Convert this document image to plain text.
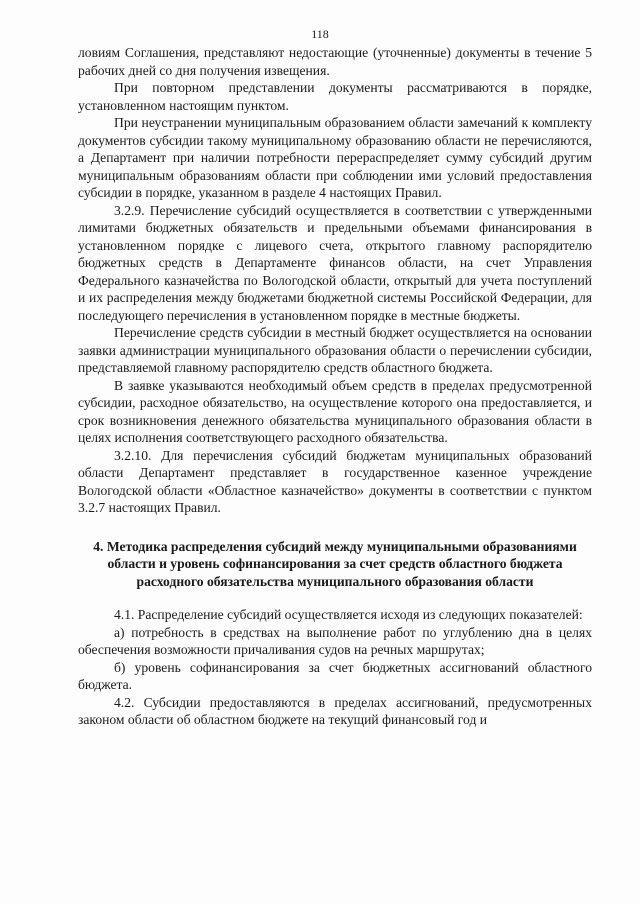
118

ловиям Соглашения, представляют недостающие (уточненные) документы в течение 5 рабочих дней со дня получения извещения.

При повторном представлении документы рассматриваются в порядке, установленном настоящим пунктом.

При неустранении муниципальным образованием области замечаний к комплекту документов субсидии такому муниципальному образованию области не перечисляются, а Департамент при наличии потребности перераспределяет сумму субсидий другим муниципальным образованиям области при соблюдении ими условий предоставления субсидии в порядке, указанном в разделе 4 настоящих Правил.

3.2.9. Перечисление субсидий осуществляется в соответствии с утвержденными лимитами бюджетных обязательств и предельными объемами финансирования в установленном порядке с лицевого счета, открытого главному распорядителю бюджетных средств в Департаменте финансов области, на счет Управления Федерального казначейства по Вологодской области, открытый для учета поступлений и их распределения между бюджетами бюджетной системы Российской Федерации, для последующего перечисления в установленном порядке в местные бюджеты.

Перечисление средств субсидии в местный бюджет осуществляется на основании заявки администрации муниципального образования области о перечислении субсидии, представляемой главному распорядителю средств областного бюджета.

В заявке указываются необходимый объем средств в пределах предусмотренной субсидии, расходное обязательство, на осуществление которого она предоставляется, и срок возникновения денежного обязательства муниципального образования области в целях исполнения соответствующего расходного обязательства.

3.2.10. Для перечисления субсидий бюджетам муниципальных образований области Департамент представляет в государственное казенное учреждение Вологодской области «Областное казначейство» документы в соответствии с пунктом 3.2.7 настоящих Правил.

4. Методика распределения субсидий между муниципальными образованиями области и уровень софинансирования за счет средств областного бюджета расходного обязательства муниципального образования области

4.1. Распределение субсидий осуществляется исходя из следующих показателей:

а) потребность в средствах на выполнение работ по углублению дна в целях обеспечения возможности причаливания судов на речных маршрутах;

б) уровень софинансирования за счет бюджетных ассигнований областного бюджета.

4.2. Субсидии предоставляются в пределах ассигнований, предусмотренных законом области об областном бюджете на текущий финансовый год и
